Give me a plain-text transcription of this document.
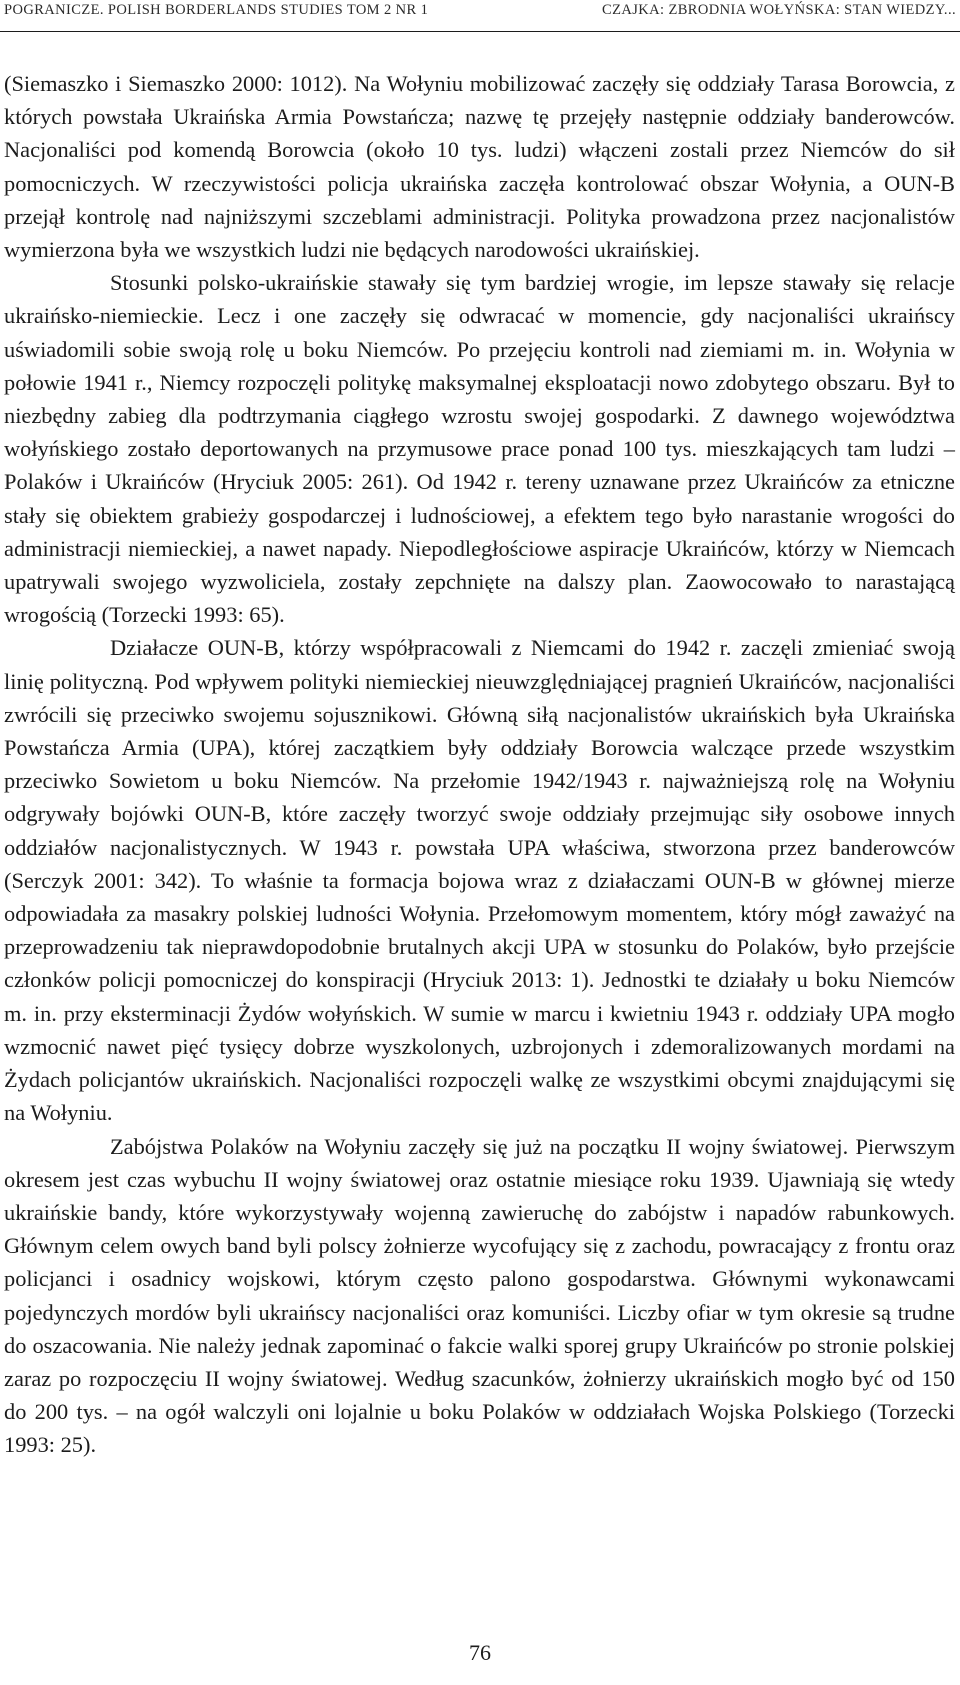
POGRANICZE. POLISH BORDERLANDS STUDIES TOM 2 NR 1	CZAJKA: ZBRODNIA WOŁYŃSKA: STAN WIEDZY...

(Siemaszko i Siemaszko 2000: 1012). Na Wołyniu mobilizować zaczęły się oddziały Tarasa Borowcia, z których powstała Ukraińska Armia Powstańcza; nazwę tę przejęły następnie oddziały banderowców. Nacjonaliści pod komendą Borowcia (około 10 tys. ludzi) włączeni zostali przez Niemców do sił pomocniczych. W rzeczywistości policja ukraińska zaczęła kontrolować obszar Wołynia, a OUN-B przejął kontrolę nad najniższymi szczeblami administracji. Polityka prowadzona przez nacjonalistów wymierzona była we wszystkich ludzi nie będących narodowości ukraińskiej.

Stosunki polsko-ukraińskie stawały się tym bardziej wrogie, im lepsze stawały się relacje ukraińsko-niemieckie. Lecz i one zaczęły się odwracać w momencie, gdy nacjonaliści ukraińscy uświadomili sobie swoją rolę u boku Niemców. Po przejęciu kontroli nad ziemiami m. in. Wołynia w połowie 1941 r., Niemcy rozpoczęli politykę maksymalnej eksploatacji nowo zdobytego obszaru. Był to niezbędny zabieg dla podtrzymania ciągłego wzrostu swojej gospodarki. Z dawnego województwa wołyńskiego zostało deportowanych na przymusowe prace ponad 100 tys. mieszkających tam ludzi – Polaków i Ukraińców (Hryciuk 2005: 261). Od 1942 r. tereny uznawane przez Ukraińców za etniczne stały się obiektem grabieży gospodarczej i ludnościowej, a efektem tego było narastanie wrogości do administracji niemieckiej, a nawet napady. Niepodległościowe aspiracje Ukraińców, którzy w Niemcach upatrywali swojego wyzwoliciela, zostały zepchnięte na dalszy plan. Zaowocowało to narastającą wrogością (Torzecki 1993: 65).

Działacze OUN-B, którzy współpracowali z Niemcami do 1942 r. zaczęli zmieniać swoją linię polityczną. Pod wpływem polityki niemieckiej nieuwzględniającej pragnień Ukraińców, nacjonaliści zwrócili się przeciwko swojemu sojusznikowi. Główną siłą nacjonalistów ukraińskich była Ukraińska Powstańcza Armia (UPA), której zaczątkiem były oddziały Borowcia walczące przede wszystkim przeciwko Sowietom u boku Niemców. Na przełomie 1942/1943 r. najważniejszą rolę na Wołyniu odgrywały bojówki OUN-B, które zaczęły tworzyć swoje oddziały przejmując siły osobowe innych oddziałów nacjonalistycznych. W 1943 r. powstała UPA właściwa, stworzona przez banderowców (Serczyk 2001: 342). To właśnie ta formacja bojowa wraz z działaczami OUN-B w głównej mierze odpowiadała za masakry polskiej ludności Wołynia. Przełomowym momentem, który mógł zaważyć na przeprowadzeniu tak nieprawdopodobnie brutalnych akcji UPA w stosunku do Polaków, było przejście członków policji pomocniczej do konspiracji (Hryciuk 2013: 1). Jednostki te działały u boku Niemców m. in. przy eksterminacji Żydów wołyńskich. W sumie w marcu i kwietniu 1943 r. oddziały UPA mogło wzmocnić nawet pięć tysięcy dobrze wyszkolonych, uzbrojonych i zdemoralizowanych mordami na Żydach policjantów ukraińskich. Nacjonaliści rozpoczęli walkę ze wszystkimi obcymi znajdującymi się na Wołyniu.

Zabójstwa Polaków na Wołyniu zaczęły się już na początku II wojny światowej. Pierwszym okresem jest czas wybuchu II wojny światowej oraz ostatnie miesiące roku 1939. Ujawniają się wtedy ukraińskie bandy, które wykorzystywały wojenną zawieruchę do zabójstw i napadów rabunkowych. Głównym celem owych band byli polscy żołnierze wycofujący się z zachodu, powracający z frontu oraz policjanci i osadnicy wojskowi, którym często palono gospodarstwa. Głównymi wykonawcami pojedynczych mordów byli ukraińscy nacjonaliści oraz komuniści. Liczby ofiar w tym okresie są trudne do oszacowania. Nie należy jednak zapominać o fakcie walki sporej grupy Ukraińców po stronie polskiej zaraz po rozpoczęciu II wojny światowej. Według szacunków, żołnierzy ukraińskich mogło być od 150 do 200 tys. – na ogół walczyli oni lojalnie u boku Polaków w oddziałach Wojska Polskiego (Torzecki 1993: 25).

76
